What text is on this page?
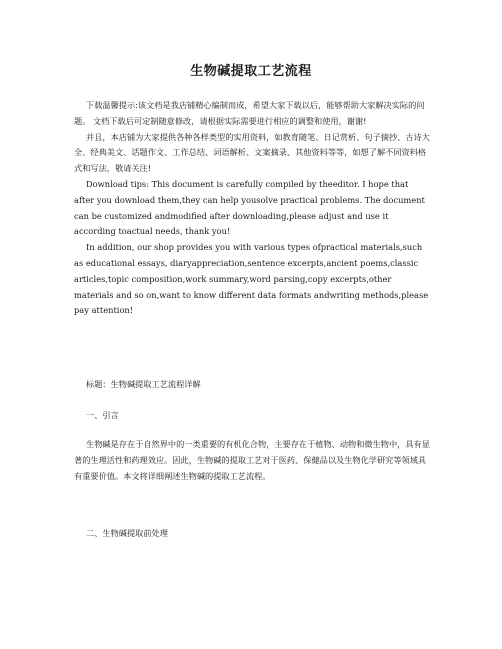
生物碱提取工艺流程

下载温馨提示:该文档是我店铺精心编制而成，希望大家下载以后，能够帮助大家解决实际的问题。 文档下载后可定制随意修改，请根据实际需要进行相应的调整和使用，谢谢!

并且，本店铺为大家提供各种各样类型的实用资料，如教育随笔、日记赏析、句子摘抄、古诗大全、经典美文、话题作文、工作总结、词语解析、文案摘录、其他资料等等，如想了解不同资料格式和写法，敬请关注!

Download tips: This document is carefully compiled by theeditor. I hope that after you download them,they can help yousolve practical problems. The document can be customized andmodified after downloading,please adjust and use it according toactual needs, thank you!

In addition, our shop provides you with various types ofpractical materials,such as educational essays, diaryappreciation,sentence excerpts,ancient poems,classic articles,topic composition,work summary,word parsing,copy excerpts,other materials and so on,want to know different data formats andwriting methods,please pay attention!

标题：生物碱提取工艺流程详解

一、引言

生物碱是存在于自然界中的一类重要的有机化合物，主要存在于植物、动物和微生物中，具有显著的生理活性和药理效应。因此，生物碱的提取工艺对于医药、保健品以及生物化学研究等领域具有重要价值。本文将详细阐述生物碱的提取工艺流程。

二、生物碱提取前处理
